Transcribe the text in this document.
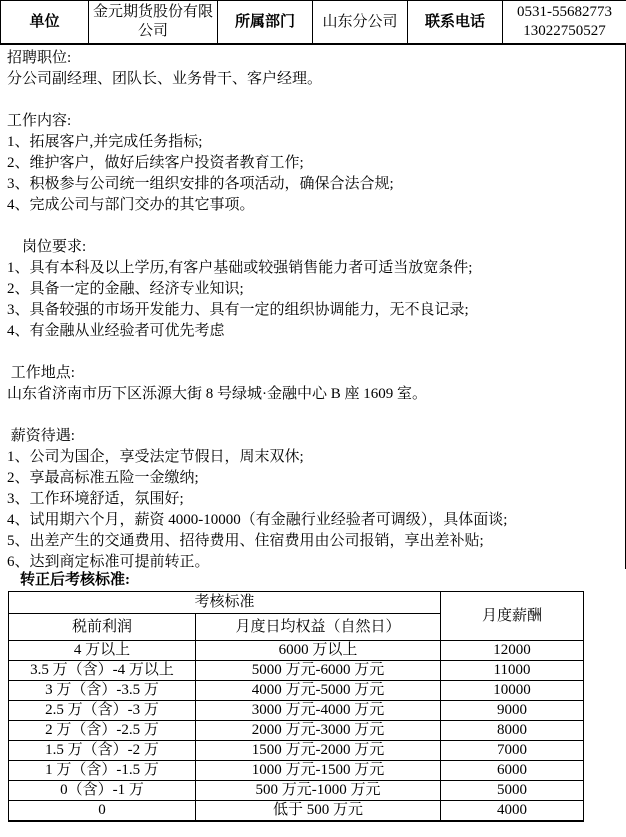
单位	金元期货股份有限公司	所属部门	山东分公司	联系电话	
0531-55682773
13022750527

招聘职位:

分公司副经理、团队长、业务骨干、客户经理。

工作内容:

1、拓展客户,并完成任务指标;

2、维护客户，做好后续客户投资者教育工作;

3、积极参与公司统一组织安排的各项活动，确保合法合规;

4、完成公司与部门交办的其它事项。

　岗位要求:

1、具有本科及以上学历,有客户基础或较强销售能力者可适当放宽条件;

2、具备一定的金融、经济专业知识;

3、具备较强的市场开发能力、具有一定的组织协调能力，无不良记录;

4、有金融从业经验者可优先考虑

工作地点:

山东省济南市历下区泺源大街 8 号绿城·金融中心 B 座 1609 室。

薪资待遇:

1、公司为国企，享受法定节假日，周末双休;

2、享最高标准五险一金缴纳;

3、工作环境舒适，氛围好;

4、试用期六个月，薪资 4000-10000（有金融行业经验者可调级），具体面谈;

5、出差产生的交通费用、招待费用、住宿费用由公司报销，享出差补贴;

6、达到商定标准可提前转正。

转正后考核标准:

考核标准		月度薪酬
税前利润	月度日均权益（自然日）	
4 万以上	6000 万以上	12000
3.5 万（含）-4 万以上	5000 万元-6000 万元	11000
3 万（含）-3.5 万	4000 万元-5000 万元	10000
2.5 万（含）-3 万	3000 万元-4000 万元	9000
2 万（含）-2.5 万	2000 万元-3000 万元	8000
1.5 万（含）-2 万	1500 万元-2000 万元	7000
1 万（含）-1.5 万	1000 万元-1500 万元	6000
0（含）-1 万	500 万元-1000 万元	5000
0	低于 500 万元	4000
